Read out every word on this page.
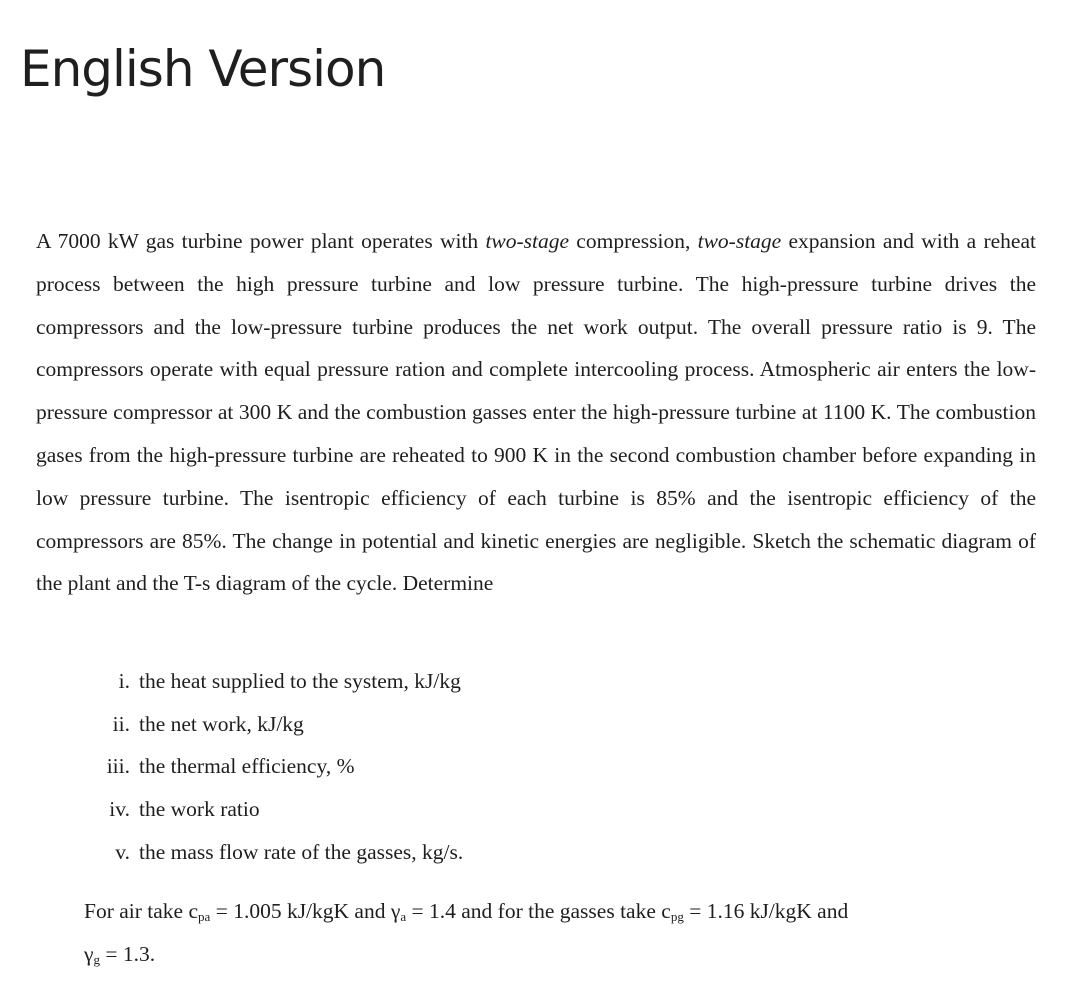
English Version

A 7000 kW gas turbine power plant operates with two-stage compression, two-stage expansion and with a reheat process between the high pressure turbine and low pressure turbine. The high-pressure turbine drives the compressors and the low-pressure turbine produces the net work output. The overall pressure ratio is 9. The compressors operate with equal pressure ration and complete intercooling process. Atmospheric air enters the low-pressure compressor at 300 K and the combustion gasses enter the high-pressure turbine at 1100 K. The combustion gases from the high-pressure turbine are reheated to 900 K in the second combustion chamber before expanding in low pressure turbine. The isentropic efficiency of each turbine is 85% and the isentropic efficiency of the compressors are 85%. The change in potential and kinetic energies are negligible. Sketch the schematic diagram of the plant and the T-s diagram of the cycle. Determine

i. the heat supplied to the system, kJ/kg
ii. the net work, kJ/kg
iii. the thermal efficiency, %
iv. the work ratio
v. the mass flow rate of the gasses, kg/s.

For air take $c_{pa} = 1.005$ kJ/kgK and $\gamma_a = 1.4$ and for the gasses take $c_{pg} = 1.16$ kJ/kgK and
$\gamma_g = 1.3$.
